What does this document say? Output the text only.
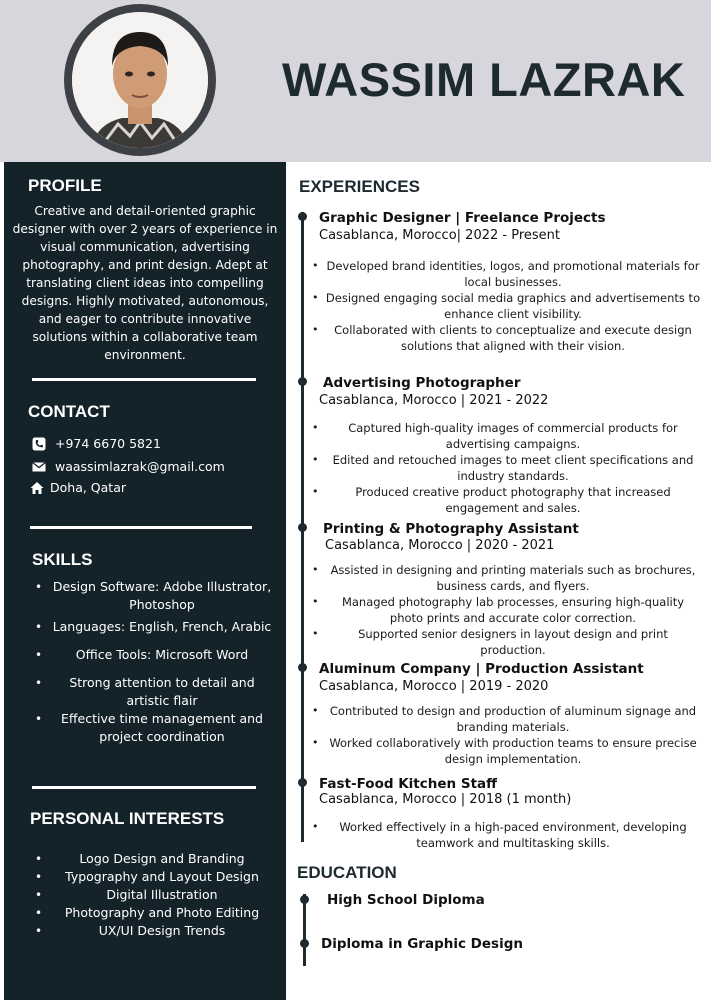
WASSIM LAZRAK
PROFILE
Creative and detail-oriented graphic designer with over 2 years of experience in visual communication, advertising photography, and print design. Adept at translating client ideas into compelling designs. Highly motivated, autonomous, and eager to contribute innovative solutions within a collaborative team environment.
CONTACT
+974 6670 5821
waassimlazrak@gmail.com
Doha, Qatar
SKILLS
• Design Software: Adobe Illustrator, Photoshop
• Languages: English, French, Arabic
• Office Tools: Microsoft Word
• Strong attention to detail and artistic flair
• Effective time management and project coordination
PERSONAL INTERESTS
• Logo Design and Branding
• Typography and Layout Design
• Digital Illustration
• Photography and Photo Editing
• UX/UI Design Trends
EXPERIENCES
Graphic Designer | Freelance Projects
Casablanca, Morocco| 2022 - Present
• Developed brand identities, logos, and promotional materials for local businesses.
• Designed engaging social media graphics and advertisements to enhance client visibility.
• Collaborated with clients to conceptualize and execute design solutions that aligned with their vision.
Advertising Photographer
Casablanca, Morocco | 2021 - 2022
• Captured high-quality images of commercial products for advertising campaigns.
• Edited and retouched images to meet client specifications and industry standards.
• Produced creative product photography that increased engagement and sales.
Printing & Photography Assistant
Casablanca, Morocco | 2020 - 2021
• Assisted in designing and printing materials such as brochures, business cards, and flyers.
• Managed photography lab processes, ensuring high-quality photo prints and accurate color correction.
• Supported senior designers in layout design and print production.
Aluminum Company | Production Assistant
Casablanca, Morocco | 2019 - 2020
• Contributed to design and production of aluminum signage and branding materials.
• Worked collaboratively with production teams to ensure precise design implementation.
Fast-Food Kitchen Staff
Casablanca, Morocco | 2018 (1 month)
• Worked effectively in a high-paced environment, developing teamwork and multitasking skills.
EDUCATION
High School Diploma
Diploma in Graphic Design
